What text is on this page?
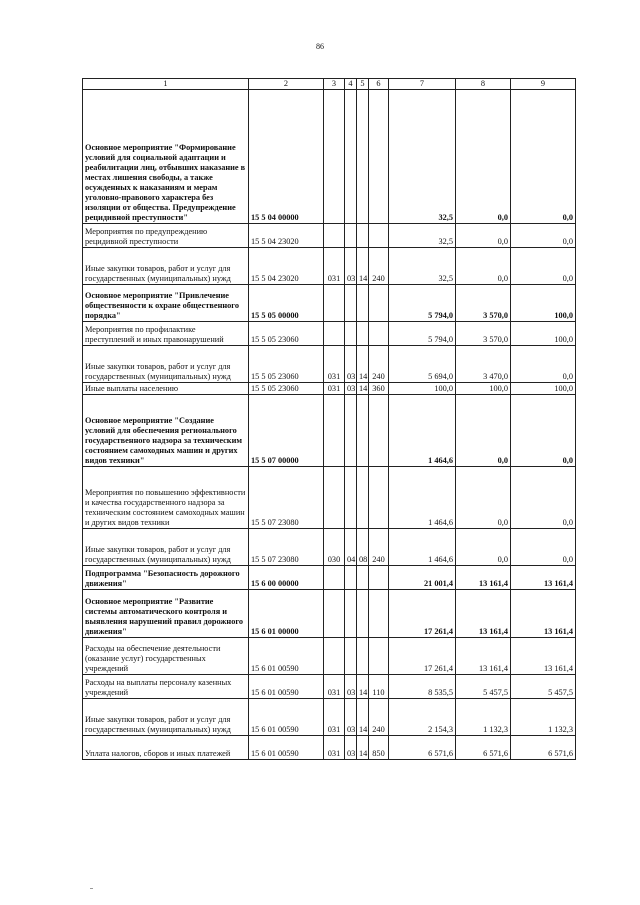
86
1	2	3	4	5	6	7	8	9
Основное мероприятие "Формирование условий для социальной адаптации и реабилитации лиц, отбывших наказание в местах лишения свободы, а также осужденных к наказаниям и мерам уголовно-правового характера без изоляции от общества. Предупреждение рецидивной преступности"	15 5 04 00000					32,5	0,0	0,0
Мероприятия по предупреждению рецидивной преступности	15 5 04 23020					32,5	0,0	0,0
Иные закупки товаров, работ и услуг для государственных (муниципальных) нужд	15 5 04 23020	031	03	14	240	32,5	0,0	0,0
Основное мероприятие "Привлечение общественности к охране общественного порядка"	15 5 05 00000					5 794,0	3 570,0	100,0
Мероприятия по профилактике преступлений и иных правонарушений	15 5 05 23060					5 794,0	3 570,0	100,0
Иные закупки товаров, работ и услуг для государственных (муниципальных) нужд	15 5 05 23060	031	03	14	240	5 694,0	3 470,0	0,0
Иные выплаты населению	15 5 05 23060	031	03	14	360	100,0	100,0	100,0
Основное мероприятие "Создание условий для обеспечения регионального государственного надзора за техническим состоянием самоходных машин и других видов техники"	15 5 07 00000					1 464,6	0,0	0,0
Мероприятия по повышению эффективности и качества государственного надзора за техническим состоянием самоходных машин и других видов техники	15 5 07 23080					1 464,6	0,0	0,0
Иные закупки товаров, работ и услуг для государственных (муниципальных) нужд	15 5 07 23080	030	04	08	240	1 464,6	0,0	0,0
Подпрограмма "Безопасность дорожного движения"	15 6 00 00000					21 001,4	13 161,4	13 161,4
Основное мероприятие "Развитие системы автоматического контроля и выявления нарушений правил дорожного движения"	15 6 01 00000					17 261,4	13 161,4	13 161,4
Расходы на обеспечение деятельности (оказание услуг) государственных учреждений	15 6 01 00590					17 261,4	13 161,4	13 161,4
Расходы на выплаты персоналу казенных учреждений	15 6 01 00590	031	03	14	110	8 535,5	5 457,5	5 457,5
Иные закупки товаров, работ и услуг для государственных (муниципальных) нужд	15 6 01 00590	031	03	14	240	2 154,3	1 132,3	1 132,3
Уплата налогов, сборов и иных платежей	15 6 01 00590	031	03	14	850	6 571,6	6 571,6	6 571,6
